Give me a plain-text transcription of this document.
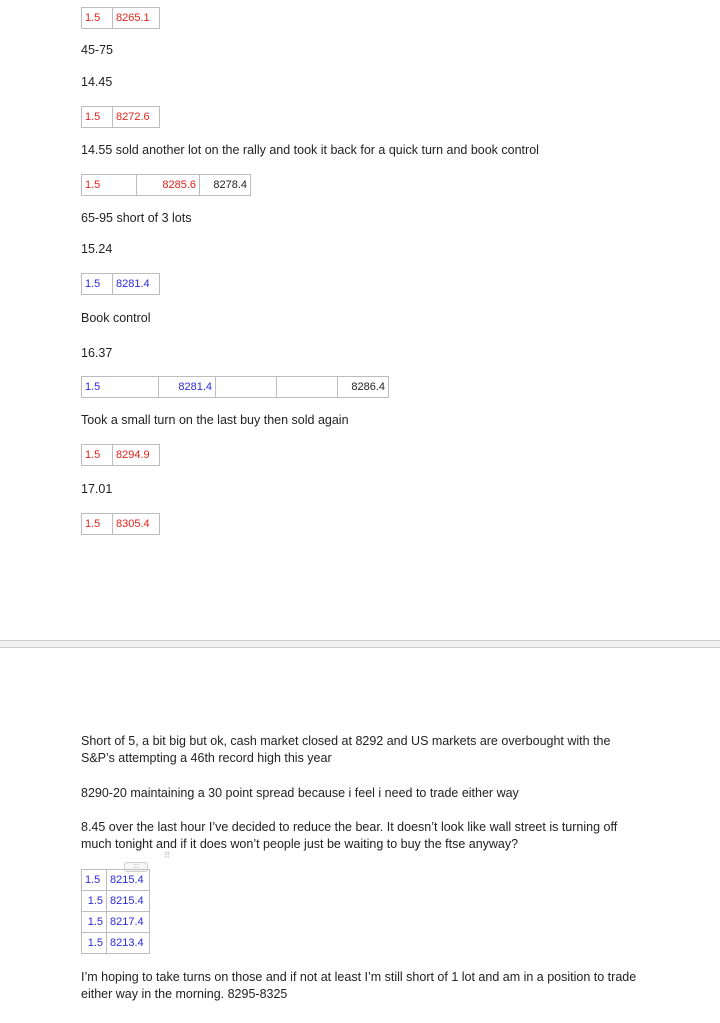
1.5	8265.1
45-75
14.45
1.5	8272.6
14.55 sold another lot on the rally and took it back for a quick turn and book control
1.5	8285.6	8278.4
65-95 short of 3 lots
15.24
1.5	8281.4
Book control
16.37
1.5	8281.4			8286.4
Took a small turn on the last buy then sold again
1.5	8294.9
17.01
1.5	8305.4
Short of 5, a bit big but ok, cash market closed at 8292 and US markets are overbought with the S&P’s attempting a 46th record high this year
8290-20 maintaining a 30 point spread because i feel i need to trade either way
8.45 over the last hour I’ve decided to reduce the bear. It doesn’t look like wall street is turning off much tonight and if it does won’t people just be waiting to buy the ftse anyway?
:::
⠿
1.5	8215.4
1.5	8215.4
1.5	8217.4
1.5	8213.4
I’m hoping to take turns on those and if not at least I’m still short of 1 lot and am in a position to trade either way in the morning. 8295-8325
